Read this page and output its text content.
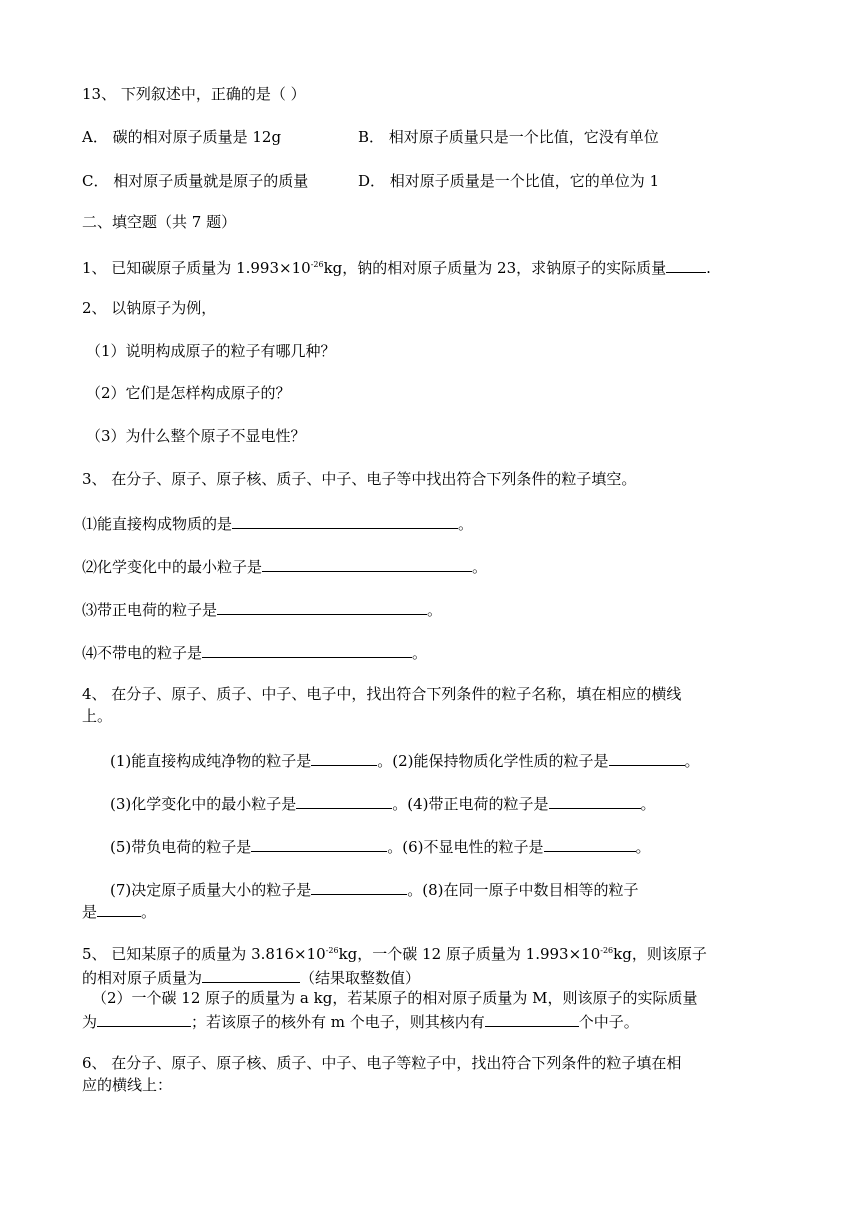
13、 下列叙述中，正确的是（ ）
A． 碳的相对原子质量是 12g	B． 相对原子质量只是一个比值，它没有单位
C． 相对原子质量就是原子的质量	D． 相对原子质量是一个比值，它的单位为 1
二、填空题（共 7 题）
1、 已知碳原子质量为 $1.993\times 10^{-26}kg$，钠的相对原子质量为 23，求钠原子的实际质量	.
2、 以钠原子为例，
（1）说明构成原子的粒子有哪几种？
（2）它们是怎样构成原子的？
（3）为什么整个原子不显电性？
3、 在分子、原子、原子核、质子、中子、电子等中找出符合下列条件的粒子填空。
⑴能直接构成物质的是	。
⑵化学变化中的最小粒子是	。
⑶带正电荷的粒子是	。
⑷不带电的粒子是	。
4、 在分子、原子、质子、中子、电子中，找出符合下列条件的粒子名称，填在相应的横线
上。
(1)能直接构成纯净物的粒子是	。(2)能保持物质化学性质的粒子是	。
(3)化学变化中的最小粒子是	。(4)带正电荷的粒子是	。
(5)带负电荷的粒子是	。(6)不显电性的粒子是	。
(7)决定原子质量大小的粒子是	。(8)在同一原子中数目相等的粒子
是	。
5、 已知某原子的质量为 $3.816\times 10^{-26}kg$，一个碳 12 原子质量为 $1.993\times 10^{-26}kg$，则该原子
的相对原子质量为	（结果取整数值）
（2）一个碳 12 原子的质量为 a kg，若某原子的相对原子质量为 M，则该原子的实际质量
为	；若该原子的核外有 m 个电子，则其核内有	个中子。
6、 在分子、原子、原子核、质子、中子、电子等粒子中，找出符合下列条件的粒子填在相
应的横线上：
